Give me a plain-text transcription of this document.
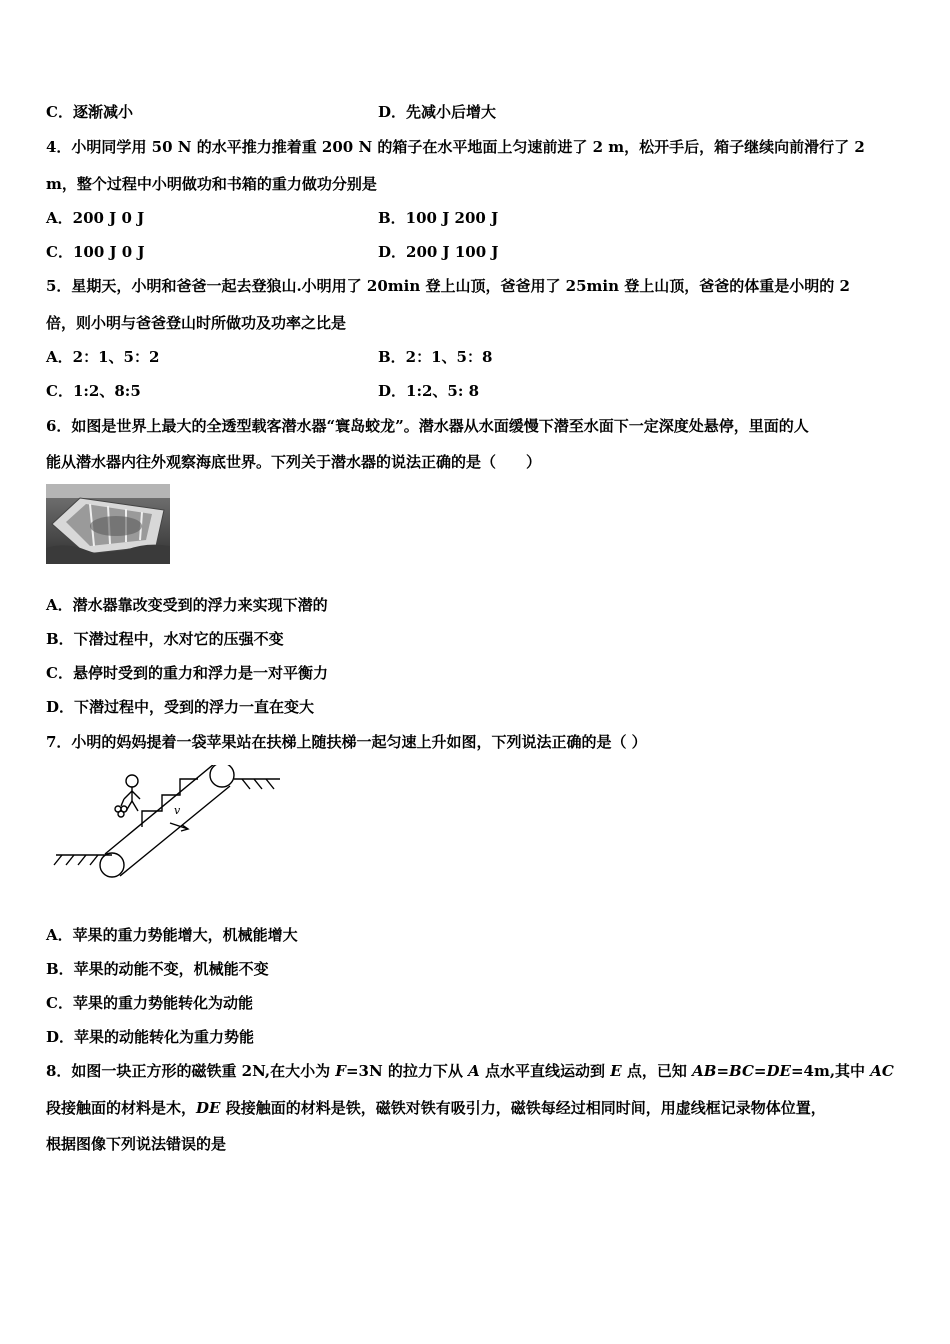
C．逐渐减小	D．先减小后增大
4．小明同学用 50 N 的水平推力推着重 200 N 的箱子在水平地面上匀速前进了 2 m，松开手后，箱子继续向前滑行了 2
m，整个过程中小明做功和书箱的重力做功分别是
A．200 J 0 J	B．100 J 200 J
C．100 J 0 J	D．200 J 100 J
5．星期天，小明和爸爸一起去登狼山.小明用了 20min 登上山顶，爸爸用了 25min 登上山顶，爸爸的体重是小明的 2
倍，则小明与爸爸登山时所做功及功率之比是
A．2：1、5：2	B．2：1、5：8
C．1:2、8:5	D．1:2、5: 8
6．如图是世界上最大的全透型载客潜水器“寰岛蛟龙”。潜水器从水面缓慢下潜至水面下一定深度处悬停，里面的人
能从潜水器内往外观察海底世界。下列关于潜水器的说法正确的是（　　）
A．潜水器靠改变受到的浮力来实现下潜的
B．下潜过程中，水对它的压强不变
C．悬停时受到的重力和浮力是一对平衡力
D．下潜过程中，受到的浮力一直在变大
7．小明的妈妈提着一袋苹果站在扶梯上随扶梯一起匀速上升如图，下列说法正确的是（ ）
v
A．苹果的重力势能增大，机械能增大
B．苹果的动能不变，机械能不变
C．苹果的重力势能转化为动能
D．苹果的动能转化为重力势能
8．如图一块正方形的磁铁重 2N,在大小为 F=3N 的拉力下从 A 点水平直线运动到 E 点，已知 AB=BC=DE=4m,其中 AC
段接触面的材料是木，DE 段接触面的材料是铁，磁铁对铁有吸引力，磁铁每经过相同时间，用虚线框记录物体位置，
根据图像下列说法错误的是
